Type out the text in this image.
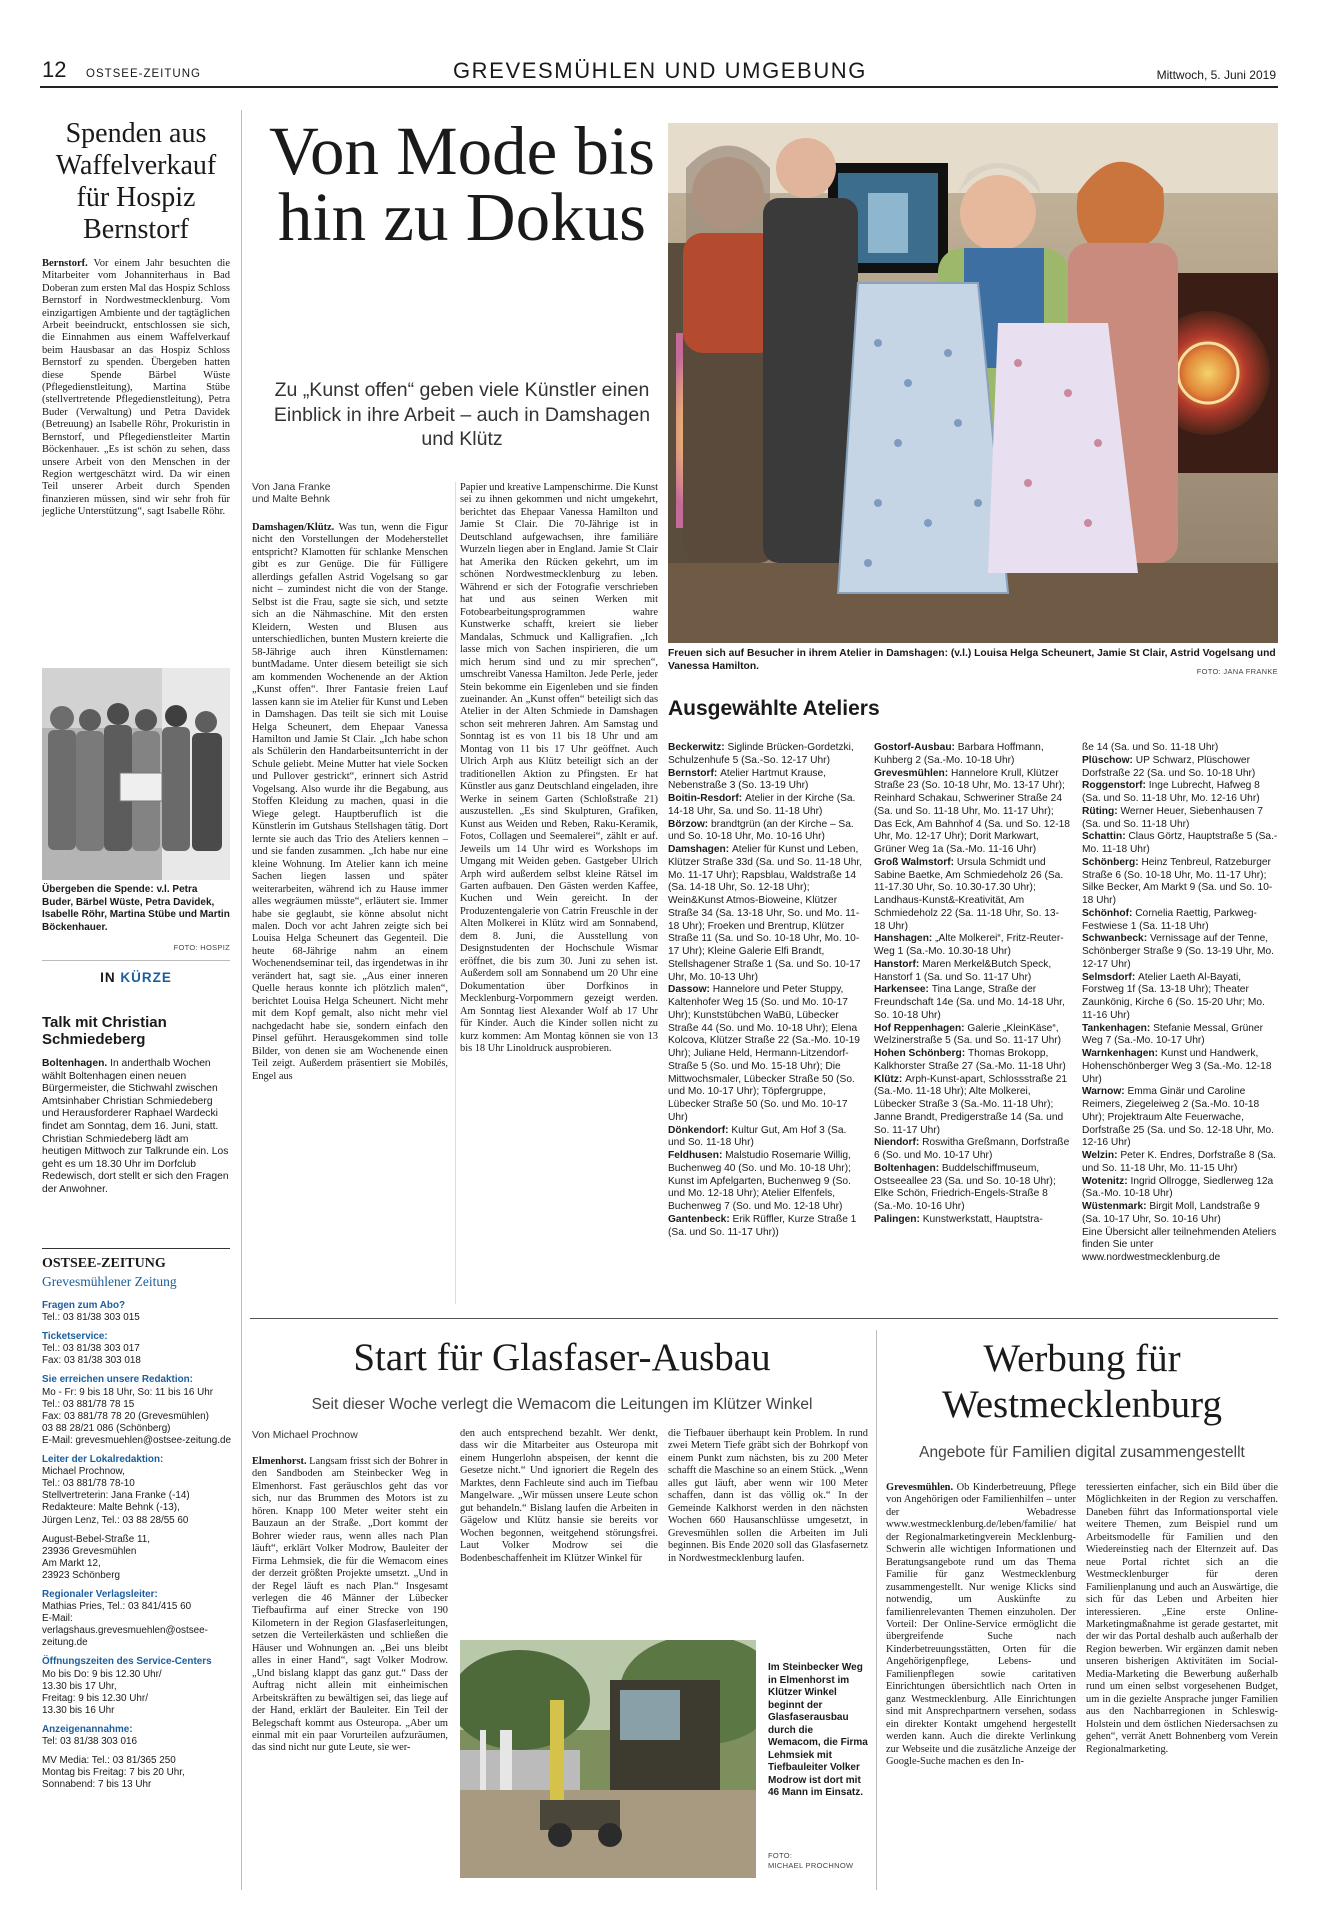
12 OSTSEE-ZEITUNG	GREVESMÜHLEN UND UMGEBUNG	Mittwoch, 5. Juni 2019
Spenden aus Waffelverkauf für Hospiz Bernstorf
Bernstorf. Vor einem Jahr besuchten die Mitarbeiter vom Johanniterhaus in Bad Doberan zum ersten Mal das Hospiz Schloss Bernstorf in Nordwestmecklenburg. Vom einzigartigen Ambiente und der tagtäglichen Arbeit beeindruckt, entschlossen sie sich, die Einnahmen aus einem Waffelverkauf beim Hausbasar an das Hospiz Schloss Bernstorf zu spenden. Übergeben hatten diese Spende Bärbel Wüste (Pflegedienstleitung), Martina Stübe (stellvertretende Pflegedienstleitung), Petra Buder (Verwaltung) und Petra Davidek (Betreuung) an Isabelle Röhr, Prokuristin in Bernstorf, und Pflegedienstleiter Martin Böckenhauer. „Es ist schön zu sehen, dass unsere Arbeit von den Menschen in der Region wertgeschätzt wird. Da wir einen Teil unserer Arbeit durch Spenden finanzieren müssen, sind wir sehr froh für jegliche Unterstützung“, sagt Isabelle Röhr.
Übergeben die Spende: v.l. Petra Buder, Bärbel Wüste, Petra Davidek, Isabelle Röhr, Martina Stübe und Martin Böckenhauer.
FOTO: HOSPIZ
IN KÜRZE
Talk mit Christian Schmiedeberg
Boltenhagen. In anderthalb Wochen wählt Boltenhagen einen neuen Bürgermeister, die Stichwahl zwischen Amtsinhaber Christian Schmiedeberg und Herausforderer Raphael Wardecki findet am Sonntag, dem 16. Juni, statt. Christian Schmiedeberg lädt am heutigen Mittwoch zur Talkrunde ein. Los geht es um 18.30 Uhr im Dorfclub Redewisch, dort stellt er sich den Fragen der Anwohner.
OSTSEE-ZEITUNG
Grevesmühlener Zeitung
Fragen zum Abo?
Tel.: 03 81/38 303 015
Ticketservice:
Tel.: 03 81/38 303 017
Fax: 03 81/38 303 018
Sie erreichen unsere Redaktion:
Mo - Fr: 9 bis 18 Uhr, So: 11 bis 16 Uhr
Tel.: 03 881/78 78 15
Fax: 03 881/78 78 20 (Grevesmühlen)
03 88 28/21 086 (Schönberg)
E-Mail: grevesmuehlen@ostsee-zeitung.de
Leiter der Lokalredaktion:
Michael Prochnow,
Tel.: 03 881/78 78-10
Stellvertreterin: Jana Franke (-14)
Redakteure: Malte Behnk (-13),
Jürgen Lenz, Tel.: 03 88 28/55 60
August-Bebel-Straße 11,
23936 Grevesmühlen
Am Markt 12,
23923 Schönberg
Regionaler Verlagsleiter:
Mathias Pries, Tel.: 03 841/415 60
E-Mail:
verlagshaus.grevesmuehlen@ostsee-zeitung.de
Öffnungszeiten des Service-Centers
Mo bis Do: 9 bis 12.30 Uhr/
13.30 bis 17 Uhr,
Freitag: 9 bis 12.30 Uhr/
13.30 bis 16 Uhr
Anzeigenannahme:
Tel: 03 81/38 303 016
MV Media: Tel.: 03 81/365 250
Montag bis Freitag: 7 bis 20 Uhr,
Sonnabend: 7 bis 13 Uhr
Von Mode bis hin zu Dokus
Zu „Kunst offen“ geben viele Künstler einen Einblick in ihre Arbeit – auch in Damshagen und Klütz
Von Jana Franke
und Malte Behnk
Damshagen/Klütz. Was tun, wenn die Figur nicht den Vorstellungen der Modeherstellet entspricht? Klamotten für schlanke Menschen gibt es zur Genüge. Die für Fülligere allerdings gefallen Astrid Vogelsang so gar nicht – zumindest nicht die von der Stange. Selbst ist die Frau, sagte sie sich, und setzte sich an die Nähmaschine. Mit den ersten Kleidern, Westen und Blusen aus unterschiedlichen, bunten Mustern kreierte die 58-Jährige auch ihren Künstlernamen: buntMadame. Unter diesem beteiligt sie sich am kommenden Wochenende an der Aktion „Kunst offen“. Ihrer Fantasie freien Lauf lassen kann sie im Atelier für Kunst und Leben in Damshagen. Das teilt sie sich mit Louise Helga Scheunert, dem Ehepaar Vanessa Hamilton und Jamie St Clair. „Ich habe schon als Schülerin den Handarbeitsunterricht in der Schule geliebt. Meine Mutter hat viele Socken und Pullover gestrickt“, erinnert sich Astrid Vogelsang. Also wurde ihr die Begabung, aus Stoffen Kleidung zu machen, quasi in die Wiege gelegt. Hauptberuflich ist die Künstlerin im Gutshaus Stellshagen tätig. Dort lernte sie auch das Trio des Ateliers kennen – und sie fanden zusammen. „Ich habe nur eine kleine Wohnung. Im Atelier kann ich meine Sachen liegen lassen und später weiterarbeiten, während ich zu Hause immer alles wegräumen müsste“, erläutert sie. Immer habe sie geglaubt, sie könne absolut nicht malen. Doch vor acht Jahren zeigte sich bei Louisa Helga Scheunert das Gegenteil. Die heute 68-Jährige nahm an einem Wochenendseminar teil, das irgendetwas in ihr verändert hat, sagt sie. „Aus einer inneren Quelle heraus konnte ich plötzlich malen“, berichtet Louisa Helga Scheunert. Nicht mehr mit dem Kopf gemalt, also nicht mehr viel nachgedacht habe sie, sondern einfach den Pinsel geführt. Herausgekommen sind tolle Bilder, von denen sie am Wochenende einen Teil zeigt. Außerdem präsentiert sie Mobilés, Engel aus
Papier und kreative Lampenschirme. Die Kunst sei zu ihnen gekommen und nicht umgekehrt, berichtet das Ehepaar Vanessa Hamilton und Jamie St Clair. Die 70-Jährige ist in Deutschland aufgewachsen, ihre familiäre Wurzeln liegen aber in England. Jamie St Clair hat Amerika den Rücken gekehrt, um im schönen Nordwestmecklenburg zu leben. Während er sich der Fotografie verschrieben hat und aus seinen Werken mit Fotobearbeitungsprogrammen wahre Kunstwerke schafft, kreiert sie lieber Mandalas, Schmuck und Kalligrafien. „Ich lasse mich von Sachen inspirieren, die um mich herum sind und zu mir sprechen“, umschreibt Vanessa Hamilton. Jede Perle, jeder Stein bekomme ein Eigenleben und sie finden zueinander. An „Kunst offen“ beteiligt sich das Atelier in der Alten Schmiede in Damshagen schon seit mehreren Jahren. Am Samstag und Sonntag ist es von 11 bis 18 Uhr und am Montag von 11 bis 17 Uhr geöffnet. Auch Ulrich Arph aus Klütz beteiligt sich an der traditionellen Aktion zu Pfingsten. Er hat Künstler aus ganz Deutschland eingeladen, ihre Werke in seinem Garten (Schloßstraße 21) auszustellen. „Es sind Skulpturen, Grafiken, Kunst aus Weiden und Reben, Raku-Keramik, Fotos, Collagen und Seemalerei“, zählt er auf. Jeweils um 14 Uhr wird es Workshops im Umgang mit Weiden geben. Gastgeber Ulrich Arph wird außerdem selbst kleine Rätsel im Garten aufbauen. Den Gästen werden Kaffee, Kuchen und Wein gereicht. In der Produzentengalerie von Catrin Freuschle in der Alten Molkerei in Klütz wird am Sonnabend, dem 8. Juni, die Ausstellung von Designstudenten der Hochschule Wismar eröffnet, die bis zum 30. Juni zu sehen ist. Außerdem soll am Sonnabend um 20 Uhr eine Dokumentation über Dorfkinos in Mecklenburg-Vorpommern gezeigt werden. Am Sonntag liest Alexander Wolf ab 17 Uhr für Kinder. Auch die Kinder sollen nicht zu kurz kommen: Am Montag können sie von 13 bis 18 Uhr Linoldruck ausprobieren.
Freuen sich auf Besucher in ihrem Atelier in Damshagen: (v.l.) Louisa Helga Scheunert, Jamie St Clair, Astrid Vogelsang und Vanessa Hamilton.	FOTO: JANA FRANKE
Ausgewählte Ateliers
Beckerwitz: Siglinde Brücken-Gordetzki, Schulzenhufe 5 (Sa.-So. 12-17 Uhr)
Bernstorf: Atelier Hartmut Krause, Nebenstraße 3 (So. 13-19 Uhr)
Boitin-Resdorf: Atelier in der Kirche (Sa. 14-18 Uhr, Sa. und So. 11-18 Uhr)
Börzow: brandtgrün (an der Kirche – Sa. und So. 10-18 Uhr, Mo. 10-16 Uhr)
Damshagen: Atelier für Kunst und Leben, Klützer Straße 33d (Sa. und So. 11-18 Uhr, Mo. 11-17 Uhr); Rapsblau, Waldstraße 14 (Sa. 14-18 Uhr, So. 12-18 Uhr); Wein&Kunst Atmos-Bioweine, Klützer Straße 34 (Sa. 13-18 Uhr, So. und Mo. 11-18 Uhr); Froeken und Brentrup, Klützer Straße 11 (Sa. und So. 10-18 Uhr, Mo. 10-17 Uhr); Kleine Galerie Elfi Brandt, Stellshagener Straße 1 (Sa. und So. 10-17 Uhr, Mo. 10-13 Uhr)
Dassow: Hannelore und Peter Stuppy, Kaltenhofer Weg 15 (So. und Mo. 10-17 Uhr); Kunststübchen WaBü, Lübecker Straße 44 (So. und Mo. 10-18 Uhr); Elena Kolcova, Klützer Straße 22 (Sa.-Mo. 10-19 Uhr); Juliane Held, Hermann-Litzendorf-Straße 5 (So. und Mo. 15-18 Uhr); Die Mittwochsmaler, Lübecker Straße 50 (So. und Mo. 10-17 Uhr); Töpfergruppe, Lübecker Straße 50 (So. und Mo. 10-17 Uhr)
Dönkendorf: Kultur Gut, Am Hof 3 (Sa. und So. 11-18 Uhr)
Feldhusen: Malstudio Rosemarie Willig, Buchenweg 40 (So. und Mo. 10-18 Uhr); Kunst im Apfelgarten, Buchenweg 9 (So. und Mo. 12-18 Uhr); Atelier Elfenfels, Buchenweg 7 (So. und Mo. 12-18 Uhr)
Gantenbeck: Erik Rüffler, Kurze Straße 1 (Sa. und So. 11-17 Uhr))
Gostorf-Ausbau: Barbara Hoffmann, Kuhberg 2 (Sa.-Mo. 10-18 Uhr)
Grevesmühlen: Hannelore Krull, Klützer Straße 23 (So. 10-18 Uhr, Mo. 13-17 Uhr); Reinhard Schakau, Schweriner Straße 24 (Sa. und So. 11-18 Uhr, Mo. 11-17 Uhr); Das Eck, Am Bahnhof 4 (Sa. und So. 12-18 Uhr, Mo. 12-17 Uhr); Dorit Markwart, Grüner Weg 1a (Sa.-Mo. 11-16 Uhr)
Groß Walmstorf: Ursula Schmidt und Sabine Baetke, Am Schmiedeholz 26 (Sa. 11-17.30 Uhr, So. 10.30-17.30 Uhr); Landhaus-Kunst&-Kreativität, Am Schmiedeholz 22 (Sa. 11-18 Uhr, So. 13-18 Uhr)
Hanshagen: „Alte Molkerei“, Fritz-Reuter-Weg 1 (Sa.-Mo. 10.30-18 Uhr)
Hanstorf: Maren Merkel&Butch Speck, Hanstorf 1 (Sa. und So. 11-17 Uhr)
Harkensee: Tina Lange, Straße der Freundschaft 14e (Sa. und Mo. 14-18 Uhr, So. 10-18 Uhr)
Hof Reppenhagen: Galerie „KleinKäse“, Welzinerstraße 5 (Sa. und So. 11-17 Uhr)
Hohen Schönberg: Thomas Brokopp, Kalkhorster Straße 27 (Sa.-Mo. 11-18 Uhr)
Klütz: Arph-Kunst-apart, Schlossstraße 21 (Sa.-Mo. 11-18 Uhr); Alte Molkerei, Lübecker Straße 3 (Sa.-Mo. 11-18 Uhr); Janne Brandt, Predigerstraße 14 (Sa. und So. 11-17 Uhr)
Niendorf: Roswitha Greßmann, Dorfstraße 6 (So. und Mo. 10-17 Uhr)
Boltenhagen: Buddelschiffmuseum, Ostseeallee 23 (Sa. und So. 10-18 Uhr); Elke Schön, Friedrich-Engels-Straße 8 (Sa.-Mo. 10-16 Uhr)
Palingen: Kunstwerkstatt, Hauptstra-
ße 14 (Sa. und So. 11-18 Uhr)
Plüschow: UP Schwarz, Plüschower Dorfstraße 22 (Sa. und So. 10-18 Uhr)
Roggenstorf: Inge Lubrecht, Hafweg 8 (Sa. und So. 11-18 Uhr, Mo. 12-16 Uhr)
Rüting: Werner Heuer, Siebenhausen 7 (Sa. und So. 11-18 Uhr)
Schattin: Claus Görtz, Hauptstraße 5 (Sa.-Mo. 11-18 Uhr)
Schönberg: Heinz Tenbreul, Ratzeburger Straße 6 (So. 10-18 Uhr, Mo. 11-17 Uhr); Silke Becker, Am Markt 9 (Sa. und So. 10-18 Uhr)
Schönhof: Cornelia Raettig, Parkweg-Festwiese 1 (Sa. 11-18 Uhr)
Schwanbeck: Vernissage auf der Tenne, Schönberger Straße 9 (So. 13-19 Uhr, Mo. 12-17 Uhr)
Selmsdorf: Atelier Laeth Al-Bayati, Forstweg 1f (Sa. 13-18 Uhr); Theater Zaunkönig, Kirche 6 (So. 15-20 Uhr; Mo. 11-16 Uhr)
Tankenhagen: Stefanie Messal, Grüner Weg 7 (Sa.-Mo. 10-17 Uhr)
Warnkenhagen: Kunst und Handwerk, Hohenschönberger Weg 3 (Sa.-Mo. 12-18 Uhr)
Warnow: Emma Ginär und Caroline Reimers, Ziegeleiweg 2 (Sa.-Mo. 10-18 Uhr); Projektraum Alte Feuerwache, Dorfstraße 25 (Sa. und So. 12-18 Uhr, Mo. 12-16 Uhr)
Welzin: Peter K. Endres, Dorfstraße 8 (Sa. und So. 11-18 Uhr, Mo. 11-15 Uhr)
Wotenitz: Ingrid Ollrogge, Siedlerweg 12a (Sa.-Mo. 10-18 Uhr)
Wüstenmark: Birgit Moll, Landstraße 9 (Sa. 10-17 Uhr, So. 10-16 Uhr)
Eine Übersicht aller teilnehmenden Ateliers finden Sie unter www.nordwestmecklenburg.de
Start für Glasfaser-Ausbau
Seit dieser Woche verlegt die Wemacom die Leitungen im Klützer Winkel
Von Michael Prochnow
Elmenhorst. Langsam frisst sich der Bohrer in den Sandboden am Steinbecker Weg in Elmenhorst. Fast geräuschlos geht das vor sich, nur das Brummen des Motors ist zu hören. Knapp 100 Meter weiter steht ein Bauzaun an der Straße. „Dort kommt der Bohrer wieder raus, wenn alles nach Plan läuft“, erklärt Volker Modrow, Bauleiter der Firma Lehmsiek, die für die Wemacom eines der derzeit größten Projekte umsetzt. „Und in der Regel läuft es nach Plan.“ Insgesamt verlegen die 46 Männer der Lübecker Tiefbaufirma auf einer Strecke von 190 Kilometern in der Region Glasfaserleitungen, setzen die Verteilerkästen und schließen die Häuser und Wohnungen an. „Bei uns bleibt alles in einer Hand“, sagt Volker Modrow. „Und bislang klappt das ganz gut.“ Dass der Auftrag nicht allein mit einheimischen Arbeitskräften zu bewältigen sei, das liege auf der Hand, erklärt der Bauleiter. Ein Teil der Belegschaft kommt aus Osteuropa. „Aber um einmal mit ein paar Vorurteilen aufzuräumen, das sind nicht nur gute Leute, sie wer-
den auch entsprechend bezahlt. Wer denkt, dass wir die Mitarbeiter aus Osteuropa mit einem Hungerlohn abspeisen, der kennt die Gesetze nicht.“ Und ignoriert die Regeln des Marktes, denn Fachleute sind auch im Tiefbau Mangelware. „Wir müssen unsere Leute schon gut behandeln.“ Bislang laufen die Arbeiten in Gägelow und Klütz hansie sie bereits vor Wochen begonnen, weitgehend störungsfrei. Laut Volker Modrow sei die Bodenbeschaffenheit im Klützer Winkel für
die Tiefbauer überhaupt kein Problem. In rund zwei Metern Tiefe gräbt sich der Bohrkopf von einem Punkt zum nächsten, bis zu 200 Meter schafft die Maschine so an einem Stück. „Wenn alles gut läuft, aber wenn wir 100 Meter schaffen, dann ist das völlig ok.“ In der Gemeinde Kalkhorst werden in den nächsten Wochen 660 Hausanschlüsse umgesetzt, in Grevesmühlen sollen die Arbeiten im Juli beginnen. Bis Ende 2020 soll das Glasfasernetz in Nordwestmecklenburg laufen.
Im Steinbecker Weg in Elmenhorst im Klützer Winkel beginnt der Glasfaserausbau durch die Wemacom, die Firma Lehmsiek mit Tiefbauleiter Volker Modrow ist dort mit 46 Mann im Einsatz.
FOTO:
MICHAEL PROCHNOW
Werbung für Westmecklenburg
Angebote für Familien digital zusammengestellt
Grevesmühlen. Ob Kinderbetreuung, Pflege von Angehörigen oder Familienhilfen – unter der Webadresse www.westmecklenburg.de/leben/familie/ hat der Regionalmarketingverein Mecklenburg-Schwerin alle wichtigen Informationen und Beratungsangebote rund um das Thema Familie für ganz Westmecklenburg zusammengestellt. Nur wenige Klicks sind notwendig, um Auskünfte zu familienrelevanten Themen einzuholen. Der Vorteil: Der Online-Service ermöglicht die übergreifende Suche nach Kinderbetreuungsstätten, Orten für die Angehörigenpflege, Lebens- und Familienpflegen sowie caritativen Einrichtungen übersichtlich nach Orten in ganz Westmecklenburg. Alle Einrichtungen sind mit Ansprechpartnern versehen, sodass ein direkter Kontakt umgehend hergestellt werden kann. Auch die direkte Verlinkung zur Webseite und die zusätzliche Anzeige der Google-Suche machen es den In-
teressierten einfacher, sich ein Bild über die Möglichkeiten in der Region zu verschaffen. Daneben führt das Informationsportal viele weitere Themen, zum Beispiel rund um Arbeitsmodelle für Familien und den Wiedereinstieg nach der Elternzeit auf. Das neue Portal richtet sich an die Westmecklenburger für deren Familienplanung und auch an Auswärtige, die sich für das Leben und Arbeiten hier interessieren. „Eine erste Online-Marketingmaßnahme ist gerade gestartet, mit der wir das Portal deshalb auch außerhalb der Region bewerben. Wir ergänzen damit neben unseren bisherigen Aktivitäten im Social-Media-Marketing die Bewerbung außerhalb rund um einen selbst vorgesehenen Budget, um in die gezielte Ansprache junger Familien aus den Nachbarregionen in Schleswig-Holstein und dem östlichen Niedersachsen zu gehen“, verrät Anett Bohnenberg vom Verein Regionalmarketing.
